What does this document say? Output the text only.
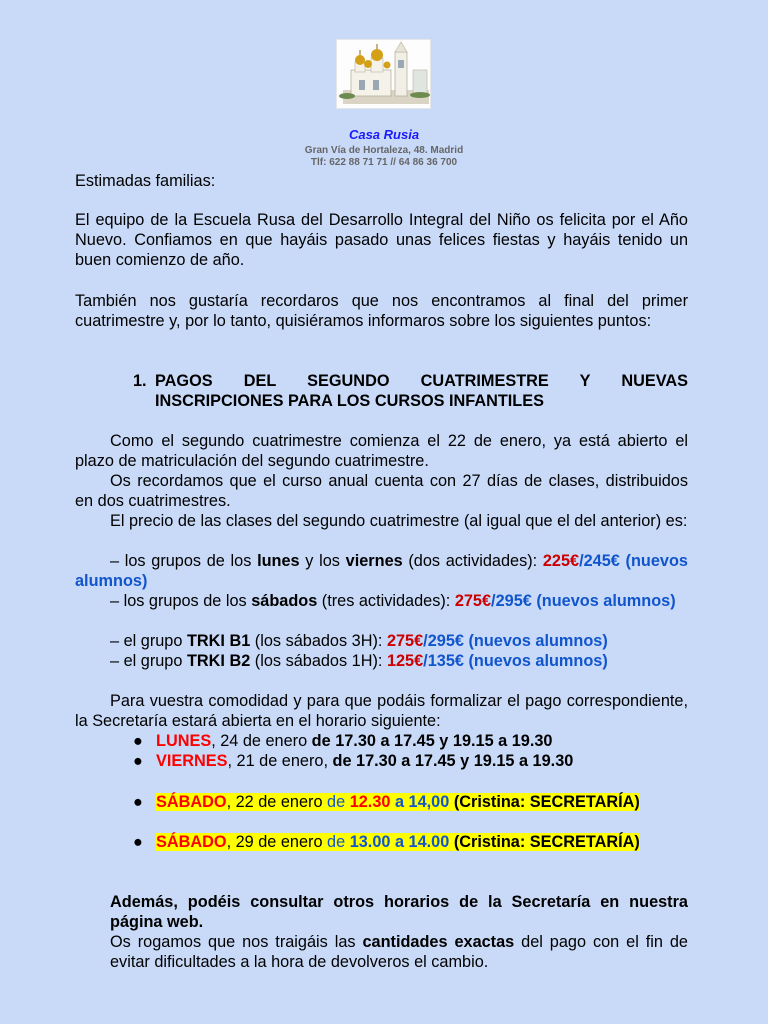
Casa Rusia
Gran Vía de Hortaleza, 48. Madrid
Tlf: 622 88 71 71 // 64 86 36 700
Estimadas familias:
El equipo de la Escuela Rusa del Desarrollo Integral del Niño os felicita por el Año Nuevo. Confiamos en que hayáis pasado unas felices fiestas y hayáis tenido un buen comienzo de año.
También nos gustaría recordaros que nos encontramos al final del primer cuatrimestre y, por lo tanto, quisiéramos informaros sobre los siguientes puntos:
1. PAGOS DEL SEGUNDO CUATRIMESTRE Y NUEVAS
INSCRIPCIONES PARA LOS CURSOS INFANTILES
Como el segundo cuatrimestre comienza el 22 de enero, ya está abierto el plazo de matriculación del segundo cuatrimestre.
Os recordamos que el curso anual cuenta con 27 días de clases, distribuidos en dos cuatrimestres.
El precio de las clases del segundo cuatrimestre (al igual que el del anterior) es:
– los grupos de los lunes y los viernes (dos actividades): 225€/245€ (nuevos alumnos)
– los grupos de los sábados (tres actividades): 275€/295€ (nuevos alumnos)
– el grupo TRKI B1 (los sábados 3H): 275€/295€ (nuevos alumnos)
– el grupo TRKI B2 (los sábados 1H): 125€/135€ (nuevos alumnos)
Para vuestra comodidad y para que podáis formalizar el pago correspondiente, la Secretaría estará abierta en el horario siguiente:
● LUNES, 24 de enero de 17.30 a 17.45 y 19.15 a 19.30
● VIERNES, 21 de enero, de 17.30 a 17.45 y 19.15 a 19.30
● SÁBADO, 22 de enero de 12.30 a 14,00 (Cristina: SECRETARÍA)
● SÁBADO, 29 de enero de 13.00 a 14.00 (Cristina: SECRETARÍA)
Además, podéis consultar otros horarios de la Secretaría en nuestra página web.
Os rogamos que nos traigáis las cantidades exactas del pago con el fin de evitar dificultades a la hora de devolveros el cambio.
